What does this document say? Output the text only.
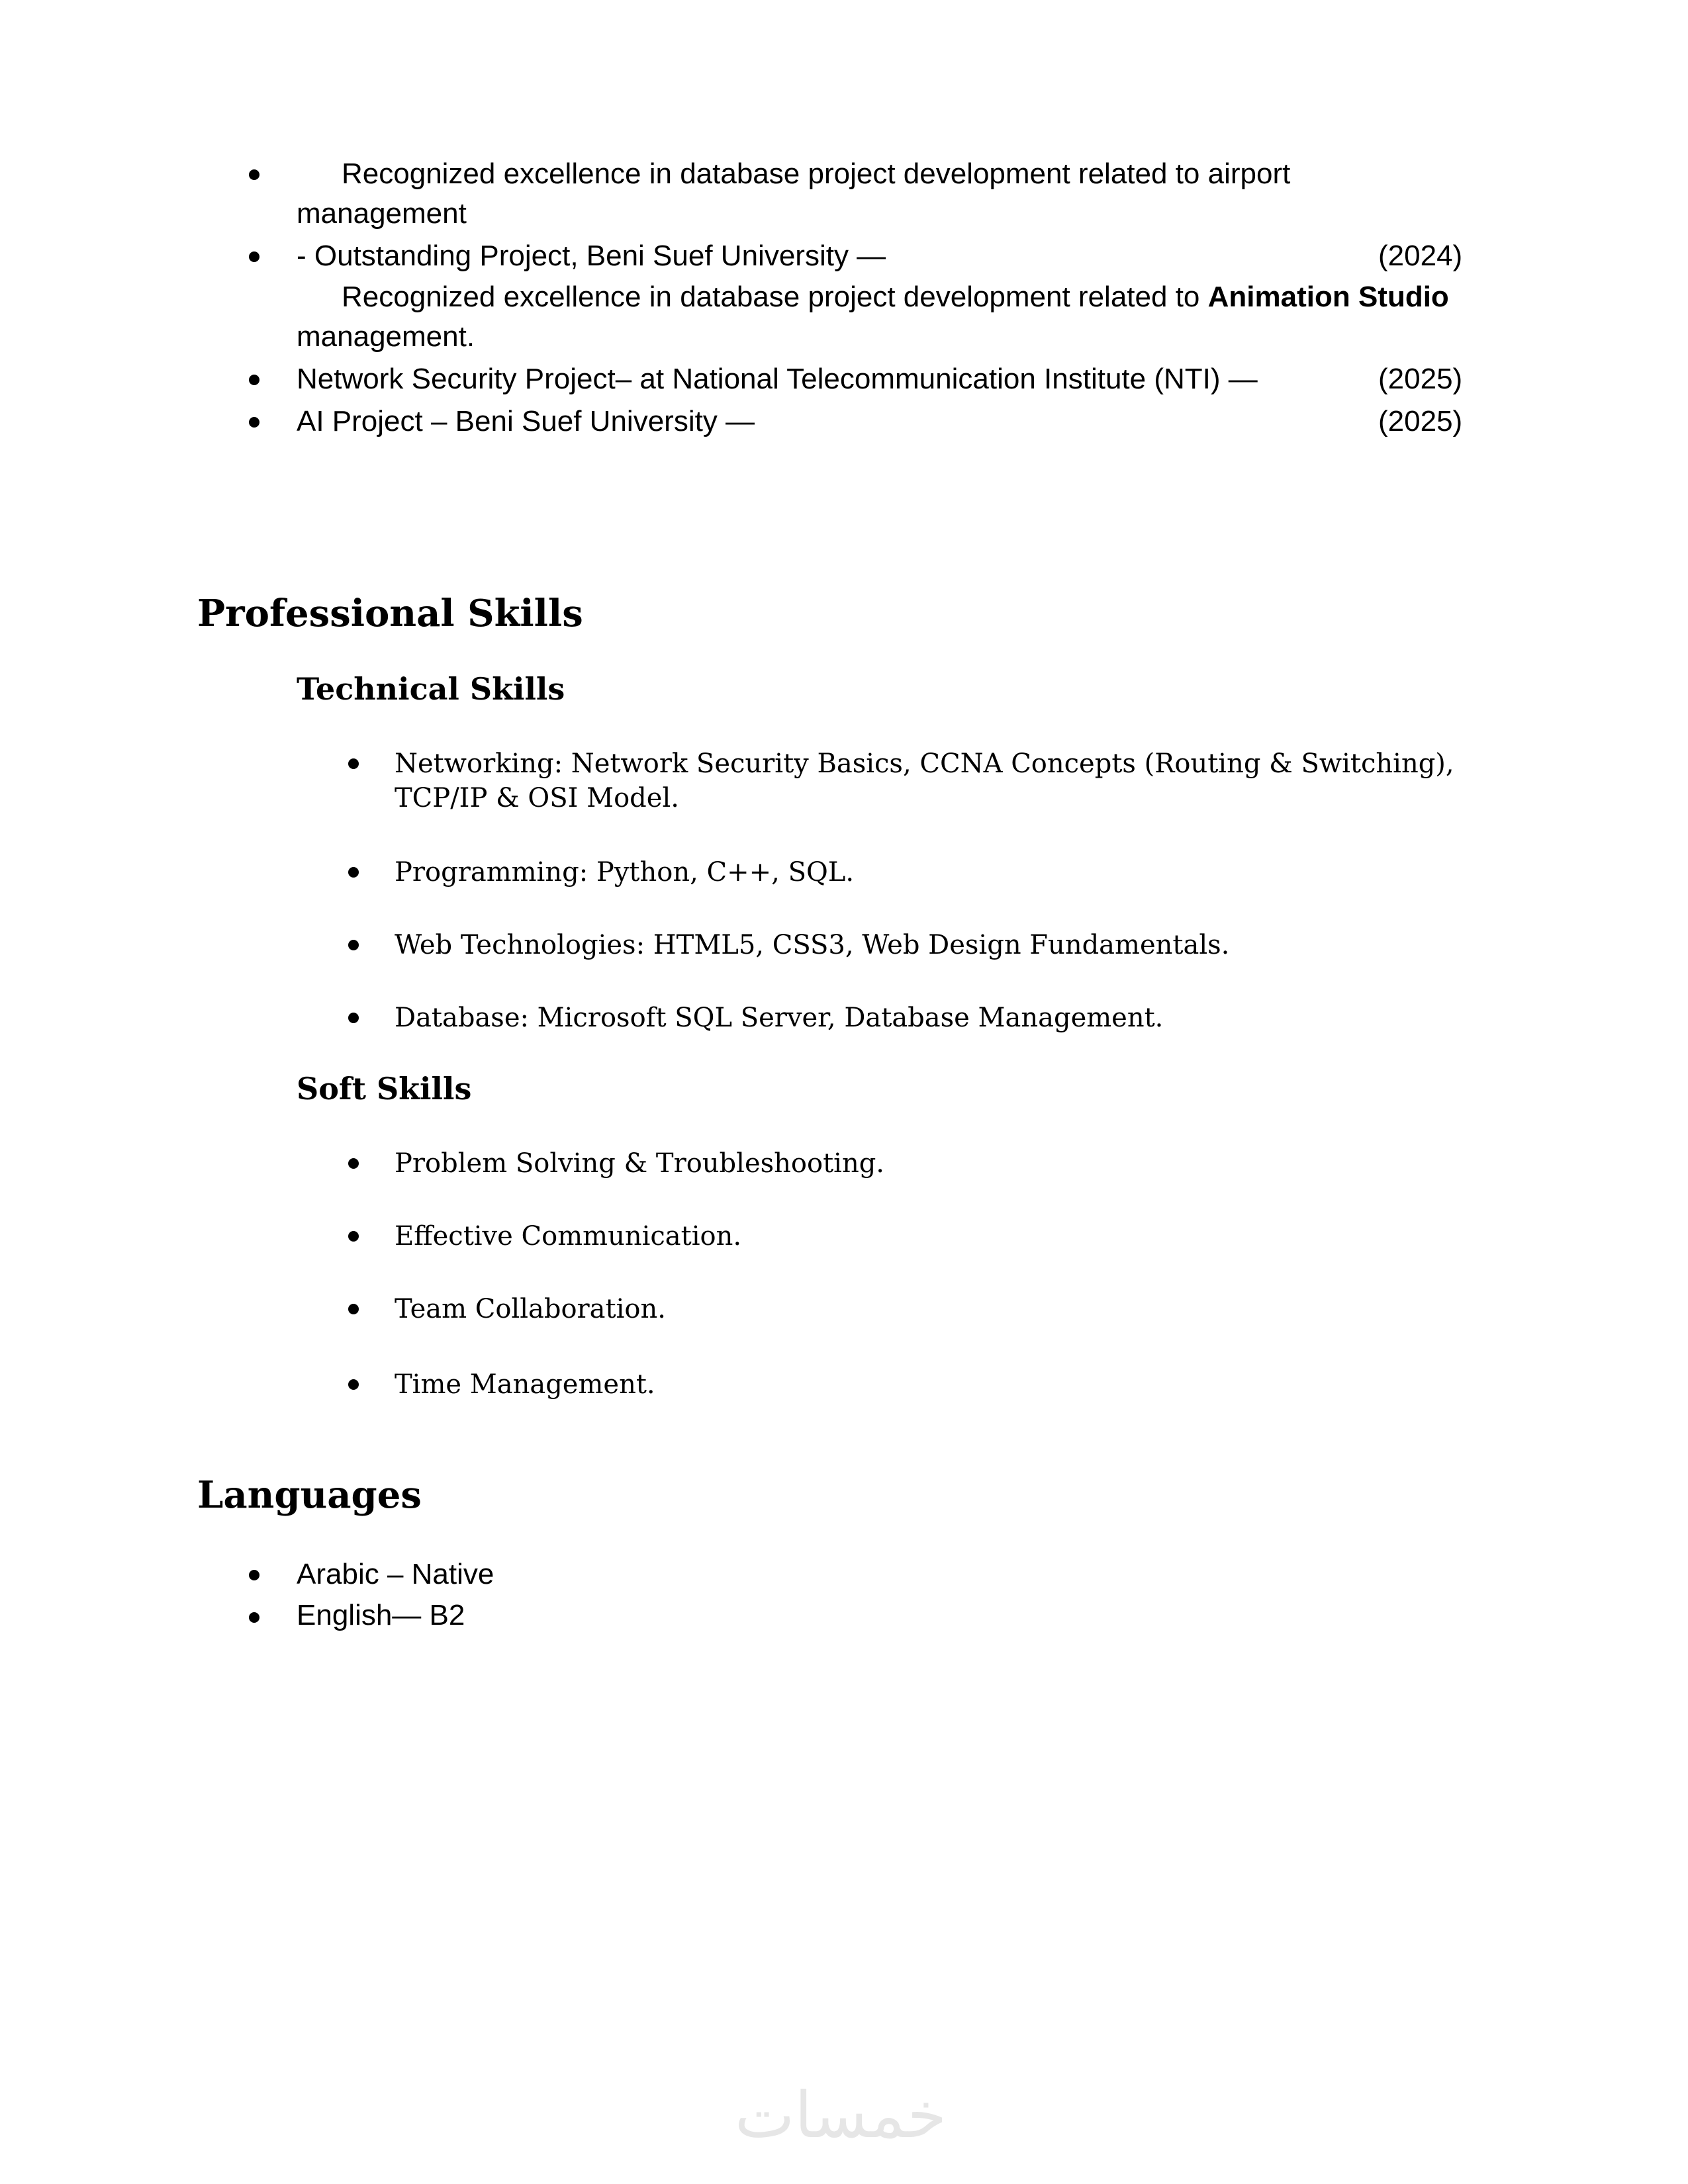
Recognized excellence in database project development related to airport
management
- Outstanding Project, Beni Suef University —	(2024)
Recognized excellence in database project development related to Animation Studio
management.
Network Security Project– at National Telecommunication Institute (NTI) —	(2025)
AI Project – Beni Suef University —	(2025)
Professional Skills
Technical Skills
Networking: Network Security Basics, CCNA Concepts (Routing & Switching),
TCP/IP & OSI Model.
Programming: Python, C++, SQL.
Web Technologies: HTML5, CSS3, Web Design Fundamentals.
Database: Microsoft SQL Server, Database Management.
Soft Skills
Problem Solving & Troubleshooting.
Effective Communication.
Team Collaboration.
Time Management.
Languages
Arabic – Native
English— B2
خمسات
